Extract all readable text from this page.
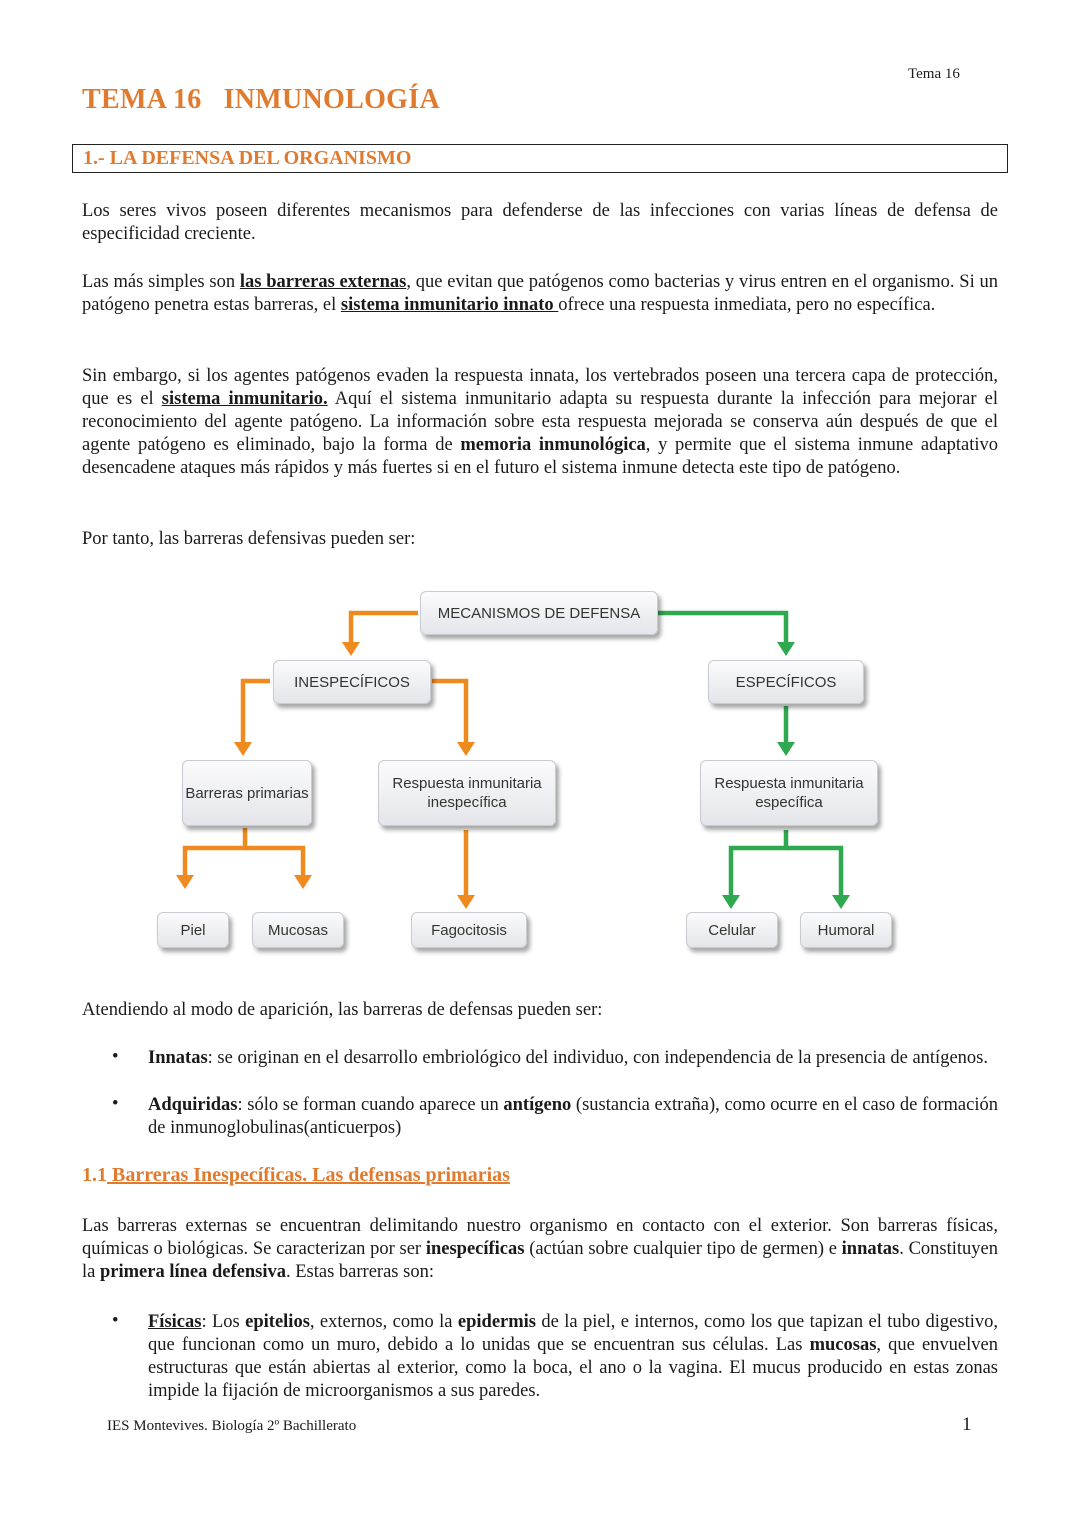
Tema 16
TEMA 16 INMUNOLOGÍA
1.- LA DEFENSA DEL ORGANISMO
Los seres vivos poseen diferentes mecanismos para defenderse de las infecciones con varias líneas de defensa de especificidad creciente.
Las más simples son las barreras externas, que evitan que patógenos como bacterias y virus entren en el organismo. Si un patógeno penetra estas barreras, el sistema inmunitario innato ofrece una respuesta inmediata, pero no específica.
Sin embargo, si los agentes patógenos evaden la respuesta innata, los vertebrados poseen una tercera capa de protección, que es el sistema inmunitario. Aquí el sistema inmunitario adapta su respuesta durante la infección para mejorar el reconocimiento del agente patógeno. La información sobre esta respuesta mejorada se conserva aún después de que el agente patógeno es eliminado, bajo la forma de memoria inmunológica, y permite que el sistema inmune adaptativo desencadene ataques más rápidos y más fuertes si en el futuro el sistema inmune detecta este tipo de patógeno.
Por tanto, las barreras defensivas pueden ser:
MECANISMOS DE DEFENSA
INESPECÍFICOS	ESPECÍFICOS
Barreras primarias
Respuesta inmunitaria inespecífica
Respuesta inmunitaria específica
Piel	Mucosas	Fagocitosis	Celular	Humoral
Atendiendo al modo de aparición, las barreras de defensas pueden ser:
• Innatas: se originan en el desarrollo embriológico del individuo, con independencia de la presencia de antígenos.
• Adquiridas: sólo se forman cuando aparece un antígeno (sustancia extraña), como ocurre en el caso de formación de inmunoglobulinas(anticuerpos)
1.1 Barreras Inespecíficas. Las defensas primarias
Las barreras externas se encuentran delimitando nuestro organismo en contacto con el exterior. Son barreras físicas, químicas o biológicas. Se caracterizan por ser inespecíficas (actúan sobre cualquier tipo de germen) e innatas. Constituyen la primera línea defensiva. Estas barreras son:
• Físicas: Los epitelios, externos, como la epidermis de la piel, e internos, como los que tapizan el tubo digestivo, que funcionan como un muro, debido a lo unidas que se encuentran sus células. Las mucosas, que envuelven estructuras que están abiertas al exterior, como la boca, el ano o la vagina. El mucus producido en estas zonas impide la fijación de microorganismos a sus paredes.
IES Montevives. Biología 2º Bachillerato	1
